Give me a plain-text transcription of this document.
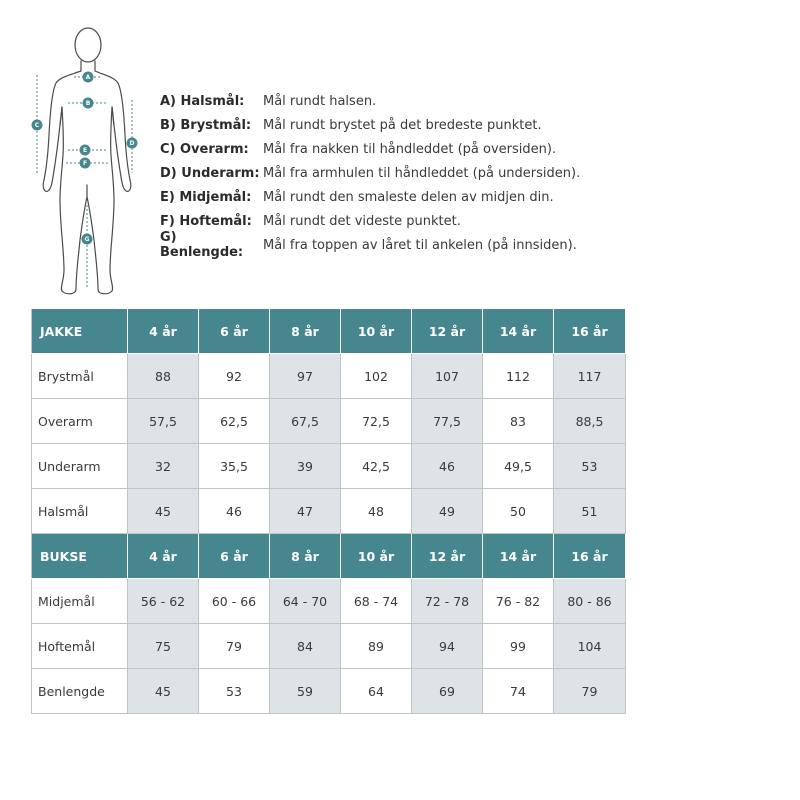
A
B
C
D
E
F
G
A) Halsmål:	Mål rundt halsen.
B) Brystmål: Mål rundt brystet på det bredeste punktet.
C) Overarm:	Mål fra nakken til håndleddet (på oversiden).
D) Underarm: Mål fra armhulen til håndleddet (på undersiden).
E) Midjemål: Mål rundt den smaleste delen av midjen din.
F) Hoftemål: Mål rundt det videste punktet.
G) Benlengde:	Mål fra toppen av låret til ankelen (på innsiden).
JAKKE	4 år	6 år	8 år	10 år	12 år	14 år	16 år
Brystmål	88	92	97	102	107	112	117
Overarm	57,5	62,5	67,5	72,5	77,5	83	88,5
Underarm	32	35,5	39	42,5	46	49,5	53
Halsmål	45	46	47	48	49	50	51
BUKSE	4 år	6 år	8 år	10 år	12 år	14 år	16 år
Midjemål	56 - 62	60 - 66	64 - 70	68 - 74	72 - 78	76 - 82	80 - 86
Hoftemål	75	79	84	89	94	99	104
Benlengde	45	53	59	64	69	74	79
